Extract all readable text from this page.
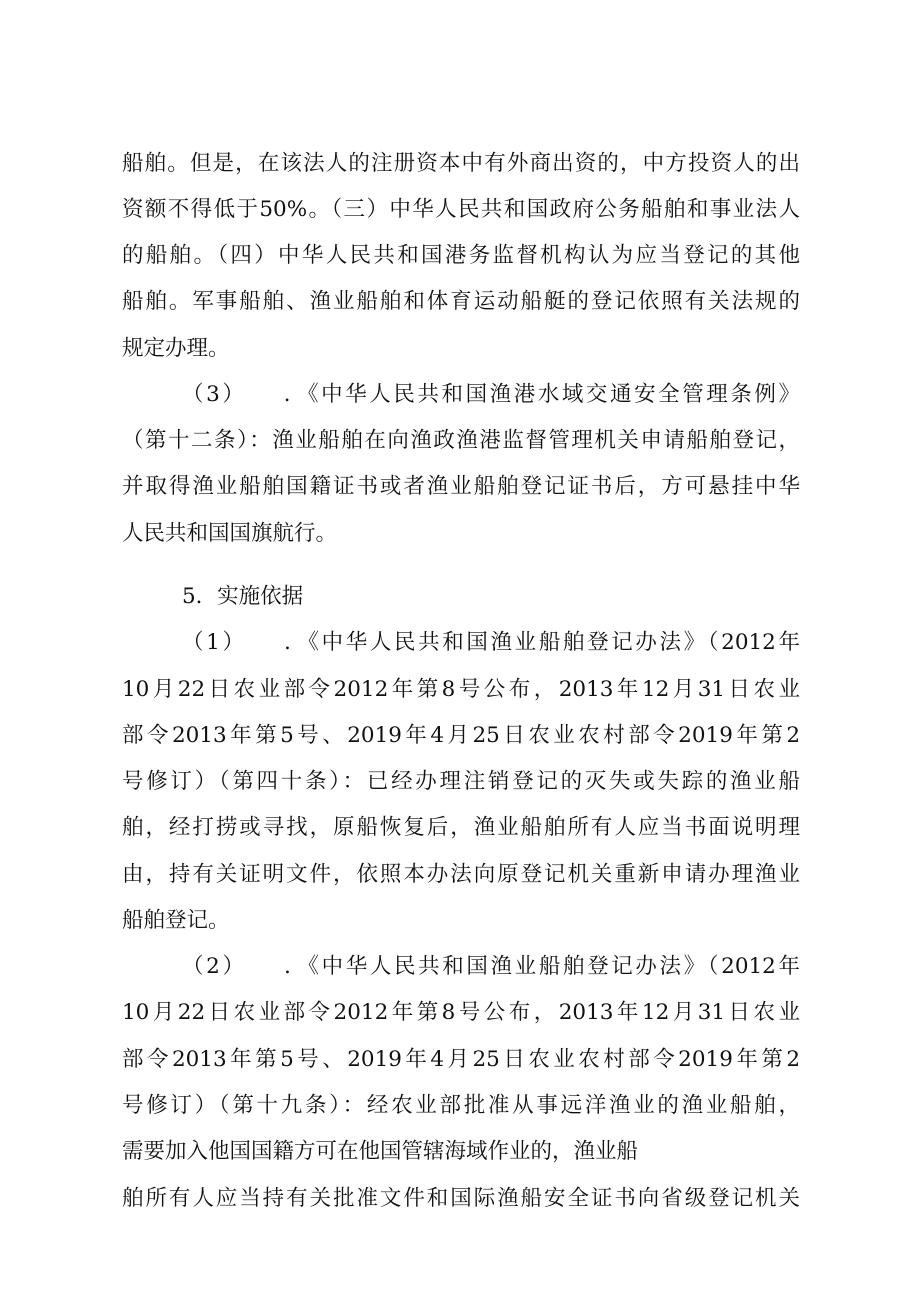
船舶。但是，在该法人的注册资本中有外商出资的，中方投资人的出
资额不得低于50%。（三）中华人民共和国政府公务船舶和事业法人
的船舶。（四）中华人民共和国港务监督机构认为应当登记的其他
船舶。军事船舶、渔业船舶和体育运动船艇的登记依照有关法规的
规定办理。
（3）　　．《中华人民共和国渔港水域交通安全管理条例》
（第十二条）：渔业船舶在向渔政渔港监督管理机关申请船舶登记，
并取得渔业船舶国籍证书或者渔业船舶登记证书后，方可悬挂中华
人民共和国国旗航行。
5．实施依据
（1）　　．《中华人民共和国渔业船舶登记办法》（2012年
10月22日农业部令2012年第8号公布，2013年12月31日农业
部令2013年第5号、2019年4月25日农业农村部令2019年第2
号修订）（第四十条）：已经办理注销登记的灭失或失踪的渔业船
舶，经打捞或寻找，原船恢复后，渔业船舶所有人应当书面说明理
由，持有关证明文件，依照本办法向原登记机关重新申请办理渔业
船舶登记。
（2）　　．《中华人民共和国渔业船舶登记办法》（2012年
10月22日农业部令2012年第8号公布，2013年12月31日农业
部令2013年第5号、2019年4月25日农业农村部令2019年第2
号修订）（第十九条）：经农业部批准从事远洋渔业的渔业船舶，
需要加入他国国籍方可在他国管辖海域作业的，渔业船
舶所有人应当持有关批准文件和国际渔船安全证书向省级登记机关
